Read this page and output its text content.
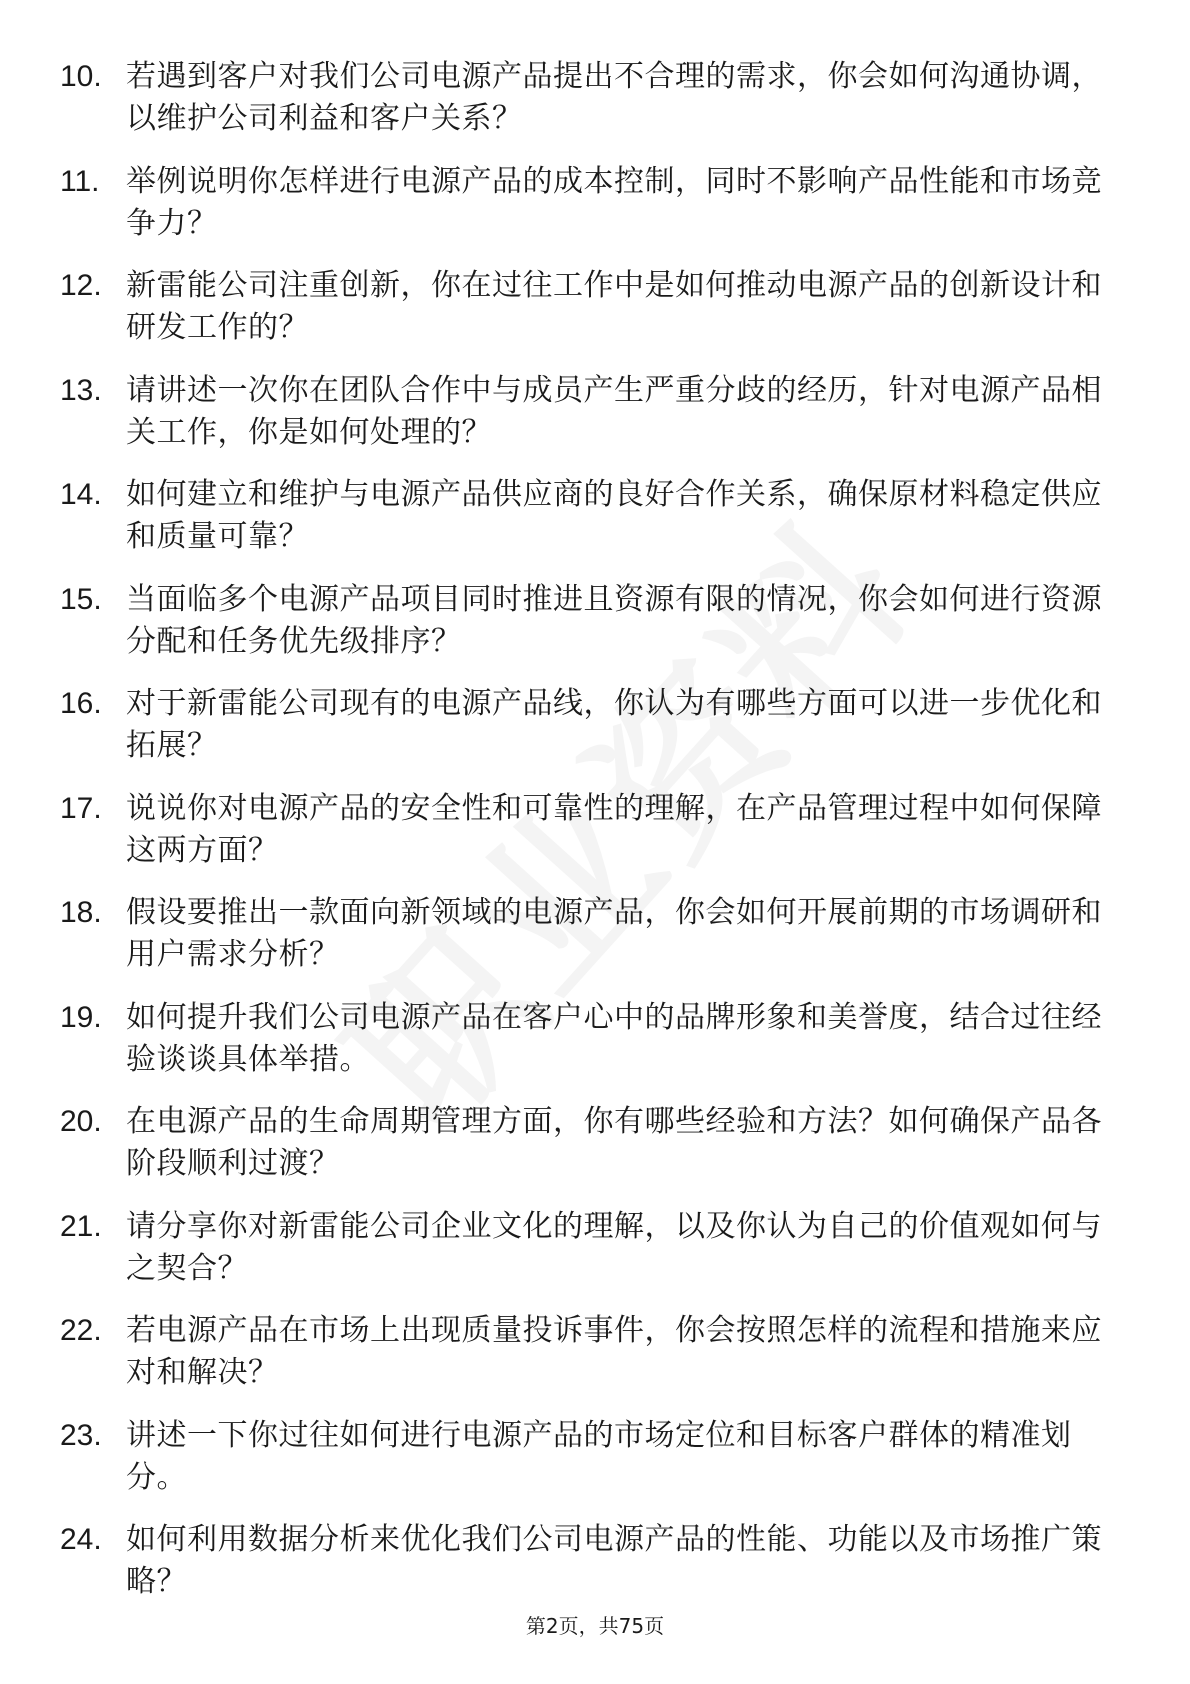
10. 若遇到客户对我们公司电源产品提出不合理的需求，你会如何沟通协调，以维护公司利益和客户关系？
11. 举例说明你怎样进行电源产品的成本控制，同时不影响产品性能和市场竞争力？
12. 新雷能公司注重创新，你在过往工作中是如何推动电源产品的创新设计和研发工作的？
13. 请讲述一次你在团队合作中与成员产生严重分歧的经历，针对电源产品相关工作，你是如何处理的？
14. 如何建立和维护与电源产品供应商的良好合作关系，确保原材料稳定供应和质量可靠？
15. 当面临多个电源产品项目同时推进且资源有限的情况，你会如何进行资源分配和任务优先级排序？
16. 对于新雷能公司现有的电源产品线，你认为有哪些方面可以进一步优化和拓展？
17. 说说你对电源产品的安全性和可靠性的理解，在产品管理过程中如何保障这两方面？
18. 假设要推出一款面向新领域的电源产品，你会如何开展前期的市场调研和用户需求分析？
19. 如何提升我们公司电源产品在客户心中的品牌形象和美誉度，结合过往经验谈谈具体举措。
20. 在电源产品的生命周期管理方面，你有哪些经验和方法？如何确保产品各阶段顺利过渡？
21. 请分享你对新雷能公司企业文化的理解，以及你认为自己的价值观如何与之契合？
22. 若电源产品在市场上出现质量投诉事件，你会按照怎样的流程和措施来应对和解决？
23. 讲述一下你过往如何进行电源产品的市场定位和目标客户群体的精准划分。
24. 如何利用数据分析来优化我们公司电源产品的性能、功能以及市场推广策略？
第2页，共75页
